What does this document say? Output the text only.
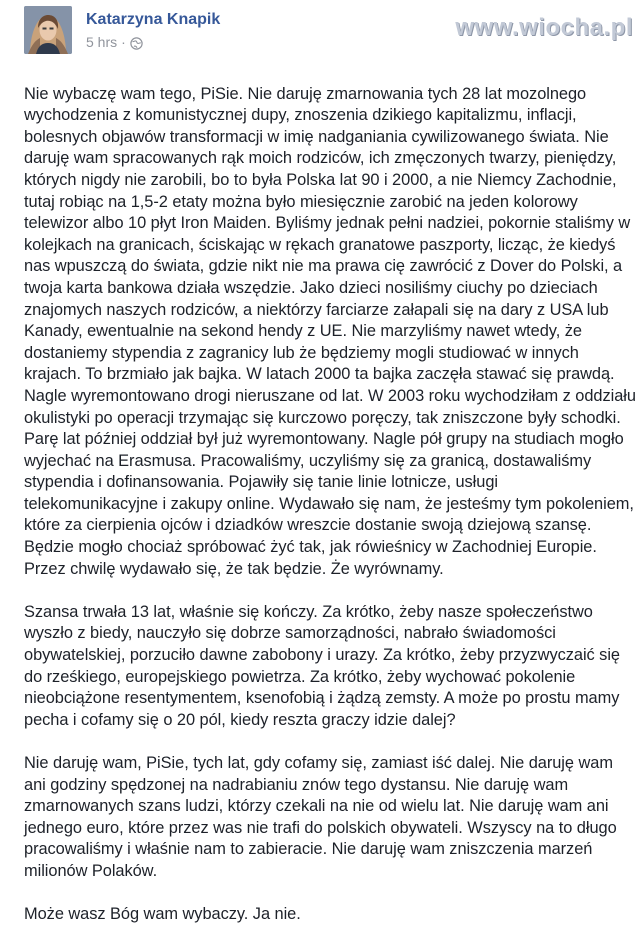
Katarzyna Knapik
5 hrs ·
www.wiocha.pl

Nie wybaczę wam tego, PiSie. Nie daruję zmarnowania tych 28 lat mozolnego wychodzenia z komunistycznej dupy, znoszenia dzikiego kapitalizmu, inflacji, bolesnych objawów transformacji w imię nadganiania cywilizowanego świata. Nie daruję wam spracowanych rąk moich rodziców, ich zmęczonych twarzy, pieniędzy, których nigdy nie zarobili, bo to była Polska lat 90 i 2000, a nie Niemcy Zachodnie, tutaj robiąc na 1,5-2 etaty można było miesięcznie zarobić na jeden kolorowy telewizor albo 10 płyt Iron Maiden. Byliśmy jednak pełni nadziei, pokornie staliśmy w kolejkach na granicach, ściskając w rękach granatowe paszporty, licząc, że kiedyś nas wpuszczą do świata, gdzie nikt nie ma prawa cię zawrócić z Dover do Polski, a twoja karta bankowa działa wszędzie. Jako dzieci nosiliśmy ciuchy po dzieciach znajomych naszych rodziców, a niektórzy farciarze załapali się na dary z USA lub Kanady, ewentualnie na sekond hendy z UE. Nie marzyliśmy nawet wtedy, że dostaniemy stypendia z zagranicy lub że będziemy mogli studiować w innych krajach. To brzmiało jak bajka. W latach 2000 ta bajka zaczęła stawać się prawdą. Nagle wyremontowano drogi nieruszane od lat. W 2003 roku wychodziłam z oddziału okulistyki po operacji trzymając się kurczowo poręczy, tak zniszczone były schodki. Parę lat później oddział był już wyremontowany. Nagle pół grupy na studiach mogło wyjechać na Erasmusa. Pracowaliśmy, uczyliśmy się za granicą, dostawaliśmy stypendia i dofinansowania. Pojawiły się tanie linie lotnicze, usługi telekomunikacyjne i zakupy online. Wydawało się nam, że jesteśmy tym pokoleniem, które za cierpienia ojców i dziadków wreszcie dostanie swoją dziejową szansę. Będzie mogło chociaż spróbować żyć tak, jak rówieśnicy w Zachodniej Europie. Przez chwilę wydawało się, że tak będzie. Że wyrównamy.

Szansa trwała 13 lat, właśnie się kończy. Za krótko, żeby nasze społeczeństwo wyszło z biedy, nauczyło się dobrze samorządności, nabrało świadomości obywatelskiej, porzuciło dawne zabobony i urazy. Za krótko, żeby przyzwyczaić się do rześkiego, europejskiego powietrza. Za krótko, żeby wychować pokolenie nieobciążone resentymentem, ksenofobią i żądzą zemsty. A może po prostu mamy pecha i cofamy się o 20 pól, kiedy reszta graczy idzie dalej?

Nie daruję wam, PiSie, tych lat, gdy cofamy się, zamiast iść dalej. Nie daruję wam ani godziny spędzonej na nadrabianiu znów tego dystansu. Nie daruję wam zmarnowanych szans ludzi, którzy czekali na nie od wielu lat. Nie daruję wam ani jednego euro, które przez was nie trafi do polskich obywateli. Wszyscy na to długo pracowaliśmy i właśnie nam to zabieracie. Nie daruję wam zniszczenia marzeń milionów Polaków.

Może wasz Bóg wam wybaczy. Ja nie.
